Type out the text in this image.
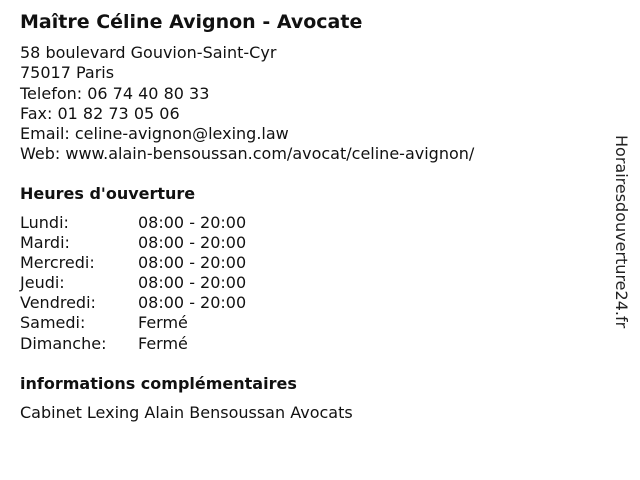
Maître Céline Avignon - Avocate
58 boulevard Gouvion-Saint-Cyr
75017 Paris
Telefon: 06 74 40 80 33
Fax: 01 82 73 05 06
Email: celine-avignon@lexing.law
Web: www.alain-bensoussan.com/avocat/celine-avignon/
Heures d'ouverture
Lundi:	08:00 - 20:00
Mardi:	08:00 - 20:00
Mercredi:	08:00 - 20:00
Jeudi:	08:00 - 20:00
Vendredi:	08:00 - 20:00
Samedi:	Fermé
Dimanche: Fermé
informations complémentaires
Cabinet Lexing Alain Bensoussan Avocats
Horairesdouverture24.fr
